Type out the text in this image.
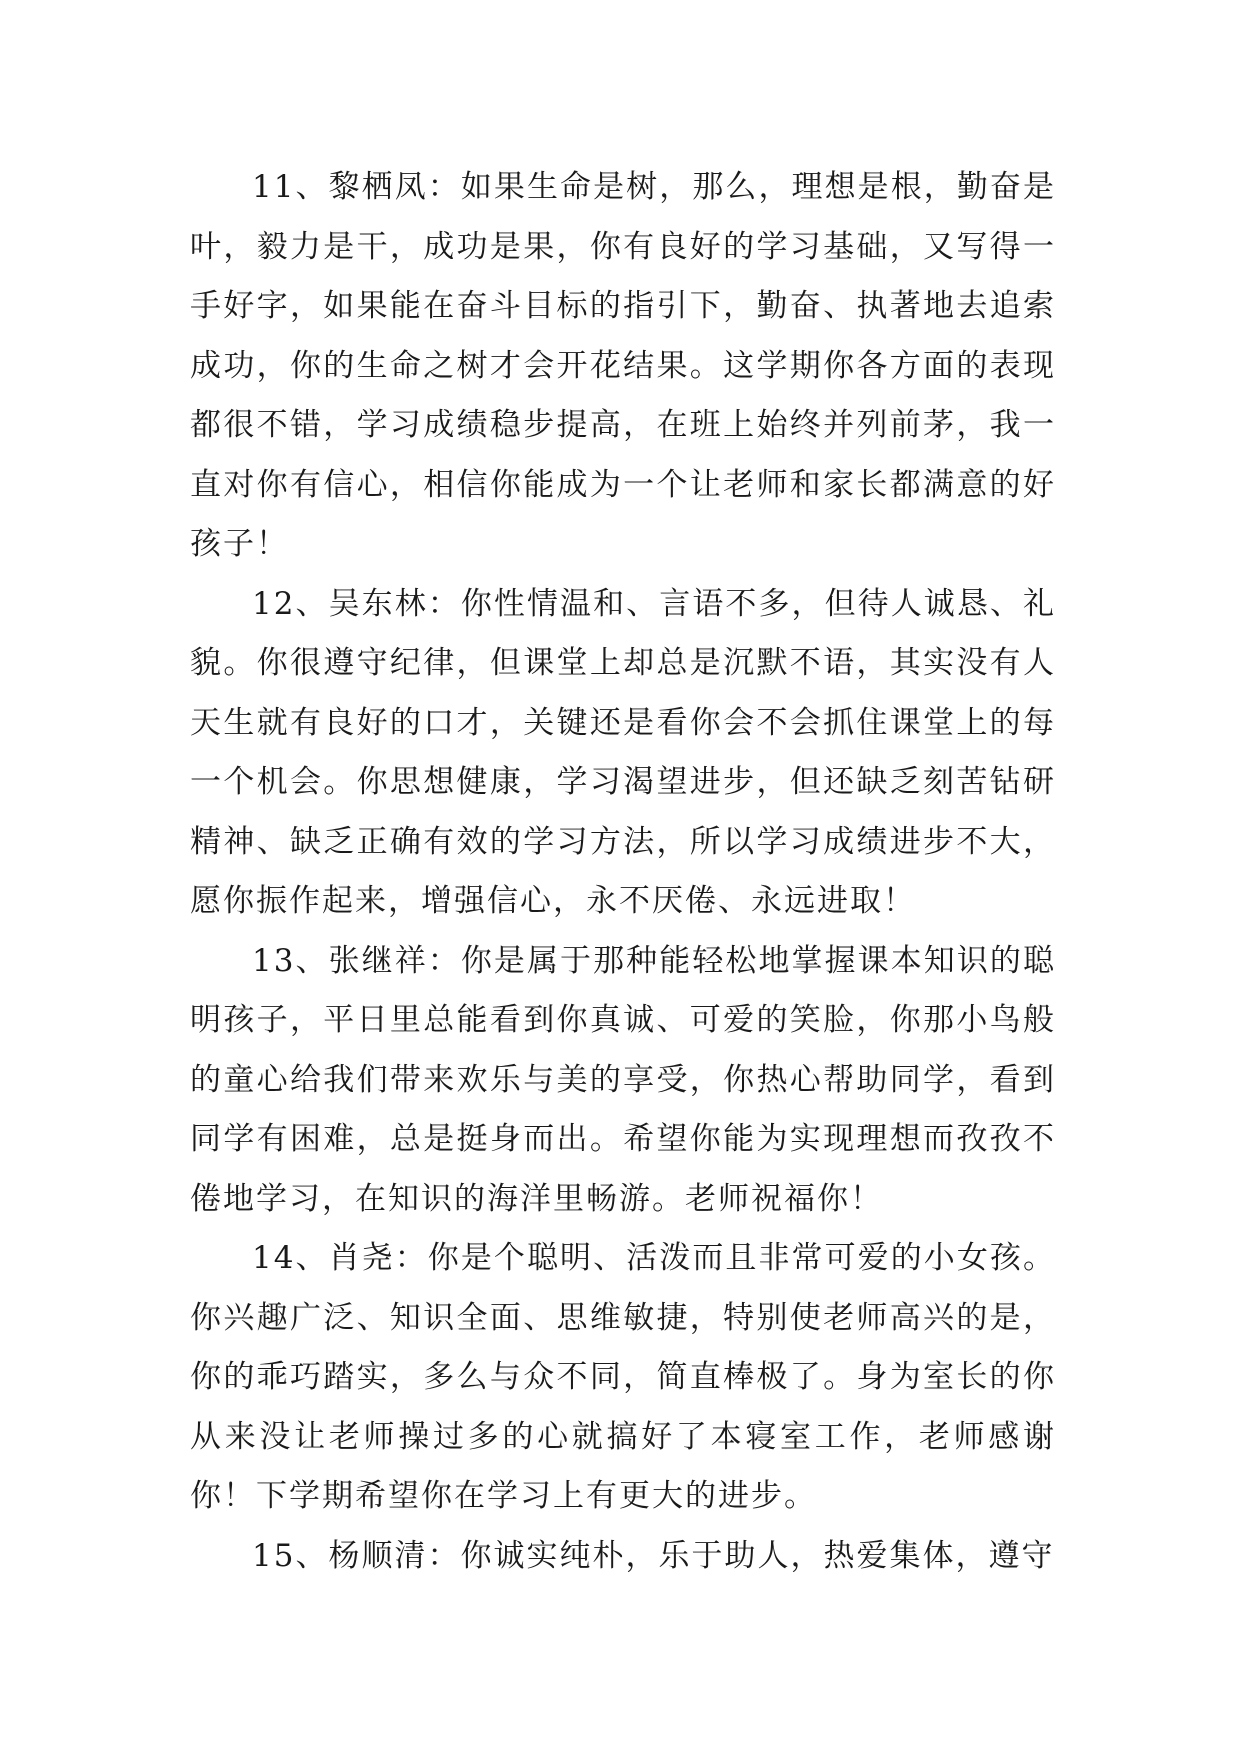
11、黎栖凤：如果生命是树，那么，理想是根，勤奋是叶，毅力是干，成功是果，你有良好的学习基础，又写得一手好字，如果能在奋斗目标的指引下，勤奋、执著地去追索成功，你的生命之树才会开花结果。这学期你各方面的表现都很不错，学习成绩稳步提高，在班上始终并列前茅，我一直对你有信心，相信你能成为一个让老师和家长都满意的好孩子！

12、吴东林：你性情温和、言语不多，但待人诚恳、礼貌。你很遵守纪律，但课堂上却总是沉默不语，其实没有人天生就有良好的口才，关键还是看你会不会抓住课堂上的每一个机会。你思想健康，学习渴望进步，但还缺乏刻苦钻研精神、缺乏正确有效的学习方法，所以学习成绩进步不大，愿你振作起来，增强信心，永不厌倦、永远进取！

13、张继祥：你是属于那种能轻松地掌握课本知识的聪明孩子，平日里总能看到你真诚、可爱的笑脸，你那小鸟般的童心给我们带来欢乐与美的享受，你热心帮助同学，看到同学有困难，总是挺身而出。希望你能为实现理想而孜孜不倦地学习，在知识的海洋里畅游。老师祝福你！

14、肖尧：你是个聪明、活泼而且非常可爱的小女孩。你兴趣广泛、知识全面、思维敏捷，特别使老师高兴的是，你的乖巧踏实，多么与众不同，简直棒极了。身为室长的你从来没让老师操过多的心就搞好了本寝室工作，老师感谢你！下学期希望你在学习上有更大的进步。

15、杨顺清：你诚实纯朴，乐于助人，热爱集体，遵守
